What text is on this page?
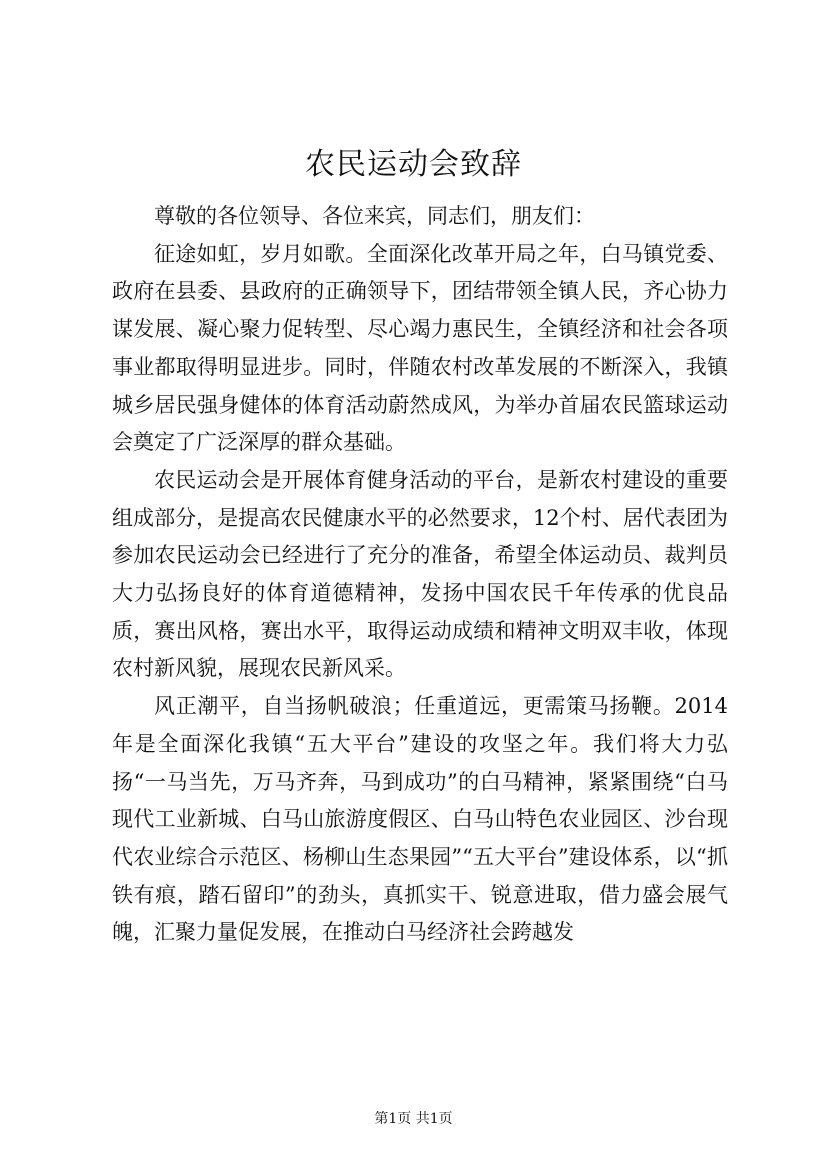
农民运动会致辞

尊敬的各位领导、各位来宾，同志们，朋友们：

征途如虹，岁月如歌。全面深化改革开局之年，白马镇党委、政府在县委、县政府的正确领导下，团结带领全镇人民，齐心协力谋发展、凝心聚力促转型、尽心竭力惠民生，全镇经济和社会各项事业都取得明显进步。同时，伴随农村改革发展的不断深入，我镇城乡居民强身健体的体育活动蔚然成风，为举办首届农民篮球运动会奠定了广泛深厚的群众基础。

农民运动会是开展体育健身活动的平台，是新农村建设的重要组成部分，是提高农民健康水平的必然要求，12个村、居代表团为参加农民运动会已经进行了充分的准备，希望全体运动员、裁判员大力弘扬良好的体育道德精神，发扬中国农民千年传承的优良品质，赛出风格，赛出水平，取得运动成绩和精神文明双丰收，体现农村新风貌，展现农民新风采。

风正潮平，自当扬帆破浪；任重道远，更需策马扬鞭。2014年是全面深化我镇“五大平台”建设的攻坚之年。我们将大力弘扬“一马当先，万马齐奔，马到成功”的白马精神，紧紧围绕“白马现代工业新城、白马山旅游度假区、白马山特色农业园区、沙台现代农业综合示范区、杨柳山生态果园”“五大平台”建设体系，以“抓铁有痕，踏石留印”的劲头，真抓实干、锐意进取，借力盛会展气魄，汇聚力量促发展，在推动白马经济社会跨越发

第1页 共1页
